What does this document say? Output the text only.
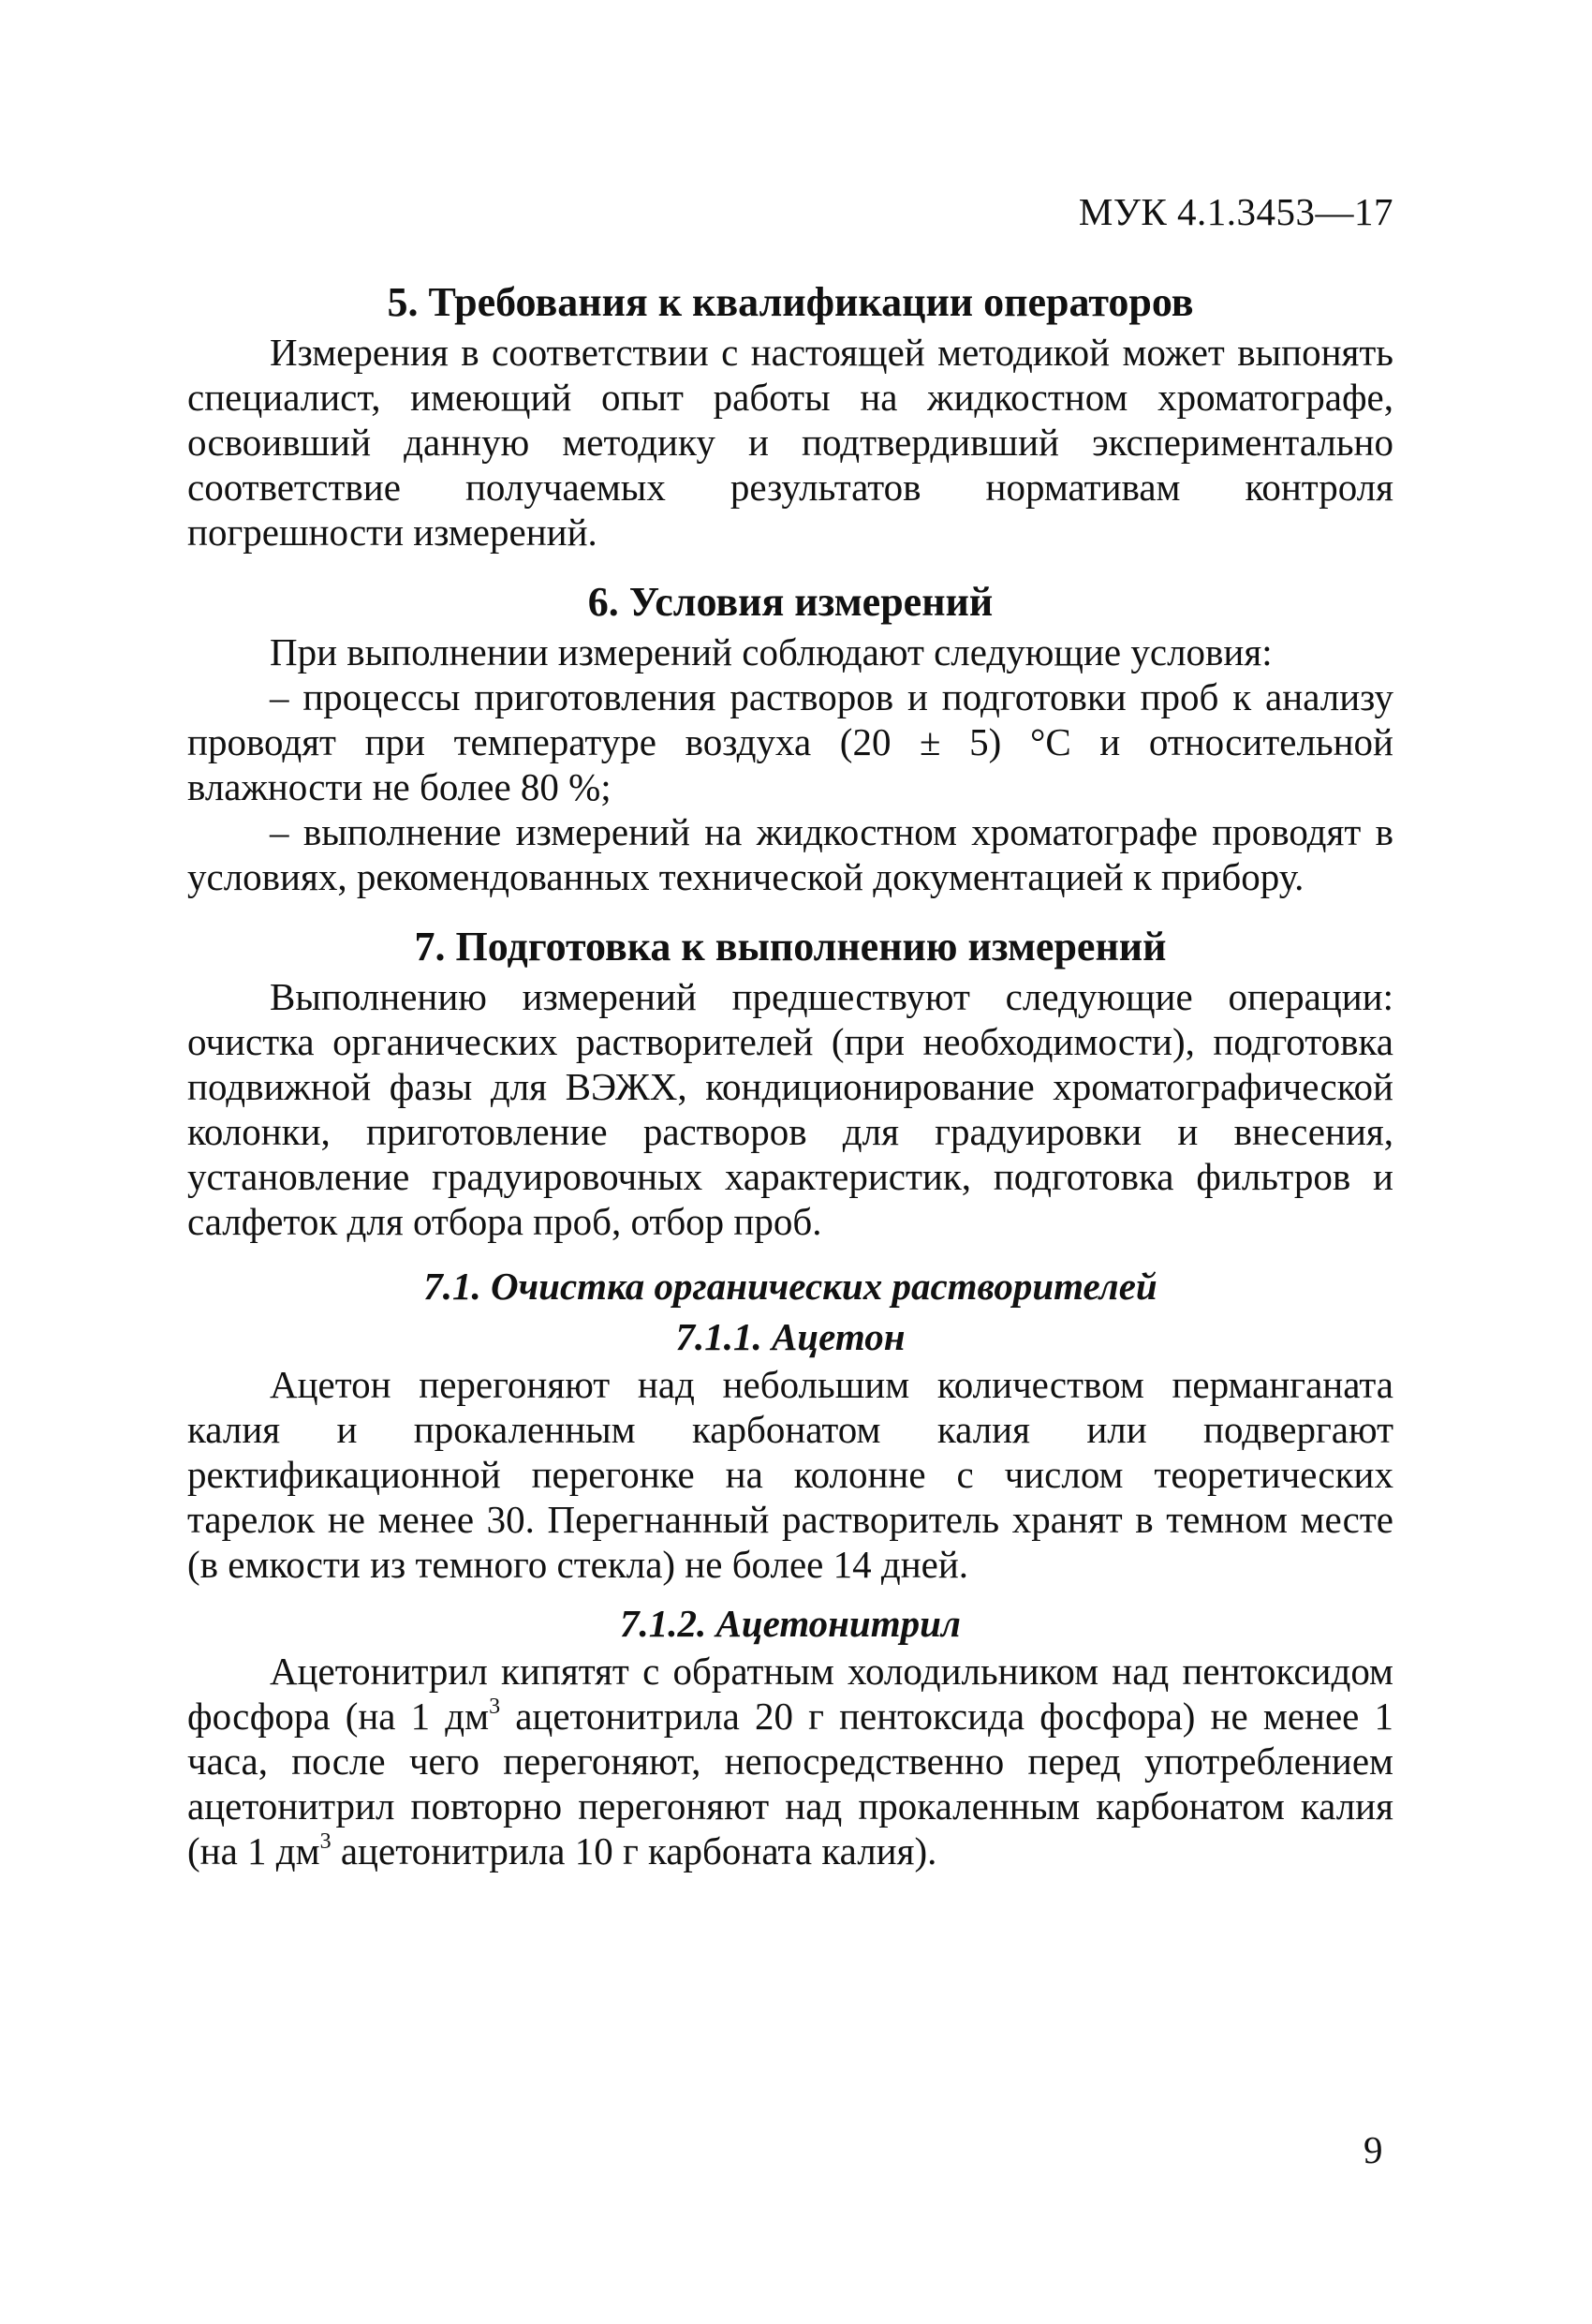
МУК 4.1.3453—17
5. Требования к квалификации операторов

Измерения в соответствии с настоящей методикой может выпонять специалист, имеющий опыт работы на жидкостном хроматографе, освоивший данную методику и подтвердивший экспериментально соответствие получаемых результатов нормативам контроля погрешности измерений.

6. Условия измерений

При выполнении измерений соблюдают следующие условия:

– процессы приготовления растворов и подготовки проб к анализу проводят при температуре воздуха (20 ± 5) °С и относительной влажности не более 80 %;

– выполнение измерений на жидкостном хроматографе проводят в условиях, рекомендованных технической документацией к прибору.

7. Подготовка к выполнению измерений

Выполнению измерений предшествуют следующие операции: очистка органических растворителей (при необходимости), подготовка подвижной фазы для ВЭЖХ, кондиционирование хроматографической колонки, приготовление растворов для градуировки и внесения, установление градуировочных характеристик, подготовка фильтров и салфеток для отбора проб, отбор проб.

7.1. Очистка органических растворителей
7.1.1. Ацетон

Ацетон перегоняют над небольшим количеством перманганата калия и прокаленным карбонатом калия или подвергают ректификационной перегонке на колонне с числом теоретических тарелок не менее 30. Перегнанный растворитель хранят в темном месте (в емкости из темного стекла) не более 14 дней.

7.1.2. Ацетонитрил

Ацетонитрил кипятят с обратным холодильником над пентоксидом фосфора (на 1 $дм^3$ ацетонитрила 20 г пентоксида фосфора) не менее 1 часа, после чего перегоняют, непосредственно перед употреблением ацетонитрил повторно перегоняют над прокаленным карбонатом калия (на 1 $дм^3$ ацетонитрила 10 г карбоната калия).

9
